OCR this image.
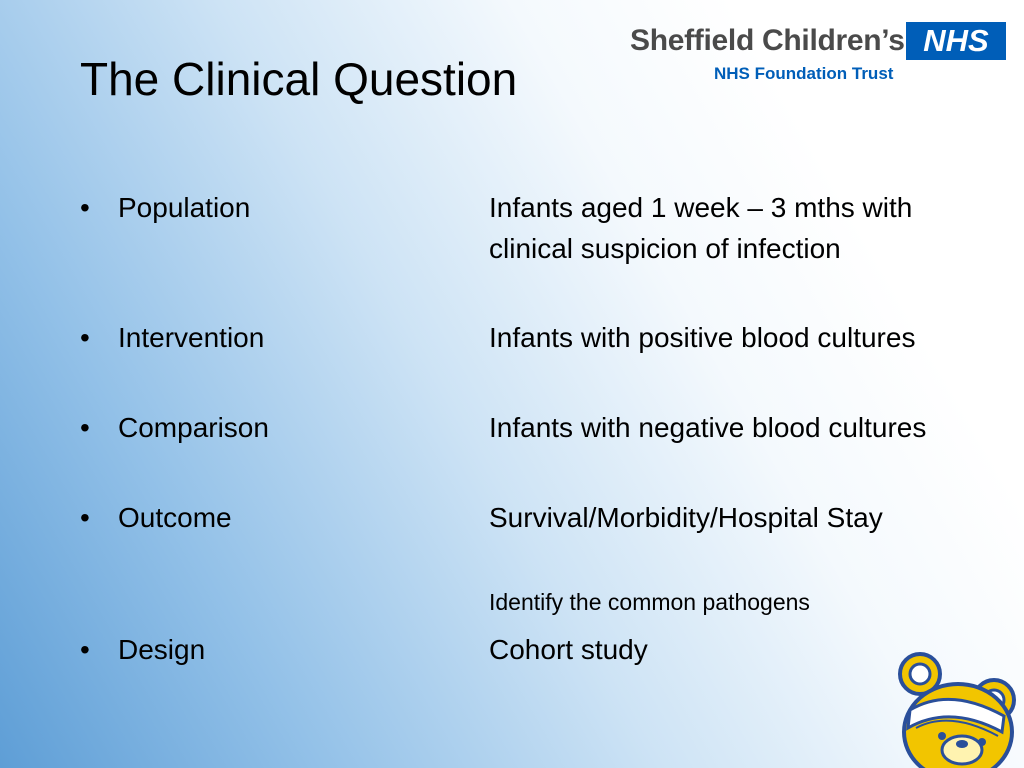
The Clinical Question
Sheffield Children’s NHS
NHS Foundation Trust
• Population	Infants aged 1 week – 3 mths with clinical suspicion of infection
• Intervention	Infants with positive blood cultures
• Comparison	Infants with negative blood cultures
• Outcome	Survival/Morbidity/Hospital Stay
Identify the common pathogens
• Design	Cohort study
